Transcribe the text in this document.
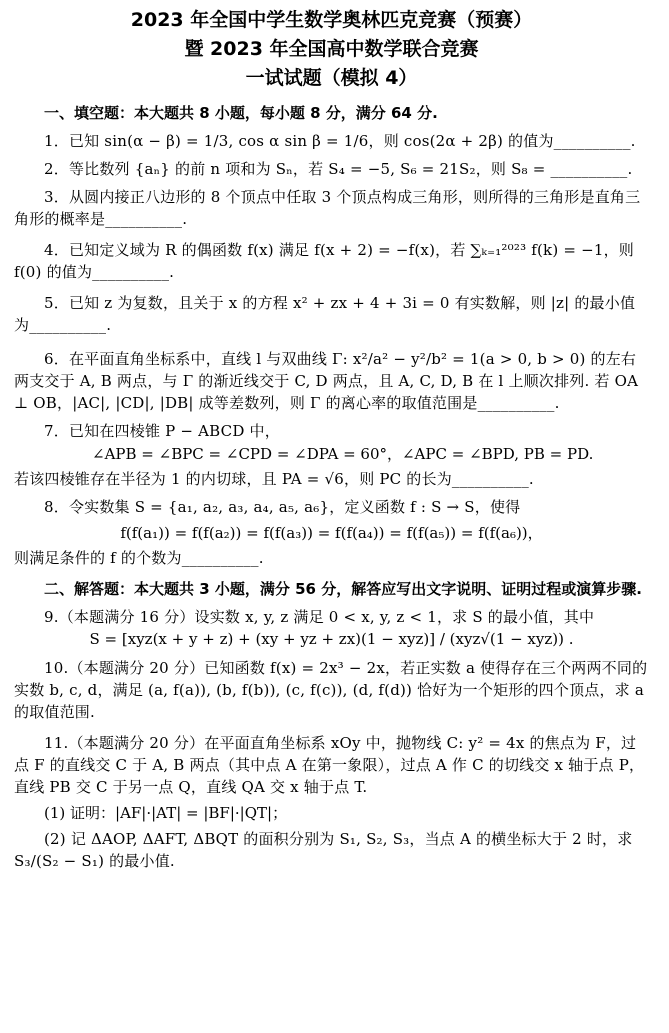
2023 年全国中学生数学奥林匹克竞赛（预赛）
暨 2023 年全国高中数学联合竞赛
一试试题（模拟 4）
一、填空题：本大题共 8 小题，每小题 8 分，满分 64 分.
1．已知 sin(α − β) = 1/3, cos α sin β = 1/6，则 cos(2α + 2β) 的值为__________.
2．等比数列 {aₙ} 的前 n 项和为 Sₙ，若 S₄ = −5, S₆ = 21S₂，则 S₈ = __________.
3．从圆内接正八边形的 8 个顶点中任取 3 个顶点构成三角形，则所得的三角形是直角三角形的概率是__________.
4．已知定义域为 R 的偶函数 f(x) 满足 f(x + 2) = −f(x)，若 ∑ₖ₌₁²⁰²³ f(k) = −1，则 f(0) 的值为__________.
5．已知 z 为复数，且关于 x 的方程 x² + zx + 4 + 3i = 0 有实数解，则 |z| 的最小值为__________.
6．在平面直角坐标系中，直线 l 与双曲线 Γ: x²/a² − y²/b² = 1(a > 0, b > 0) 的左右两支交于 A, B 两点，与 Γ 的渐近线交于 C, D 两点，且 A, C, D, B 在 l 上顺次排列. 若 OA ⊥ OB，|AC|, |CD|, |DB| 成等差数列，则 Γ 的离心率的取值范围是__________.
7．已知在四棱锥 P − ABCD 中，
∠APB = ∠BPC = ∠CPD = ∠DPA = 60°，∠APC = ∠BPD, PB = PD.
若该四棱锥存在半径为 1 的内切球，且 PA = √6，则 PC 的长为__________.
8．令实数集 S = {a₁, a₂, a₃, a₄, a₅, a₆}，定义函数 f : S → S，使得
f(f(a₁)) = f(f(a₂)) = f(f(a₃)) = f(f(a₄)) = f(f(a₅)) = f(f(a₆))，
则满足条件的 f 的个数为__________.
二、解答题：本大题共 3 小题，满分 56 分，解答应写出文字说明、证明过程或演算步骤.
9.（本题满分 16 分）设实数 x, y, z 满足 0 < x, y, z < 1，求 S 的最小值，其中
S = [xyz(x + y + z) + (xy + yz + zx)(1 − xyz)] / (xyz√(1 − xyz)) .
10.（本题满分 20 分）已知函数 f(x) = 2x³ − 2x，若正实数 a 使得存在三个两两不同的实数 b, c, d，满足 (a, f(a)), (b, f(b)), (c, f(c)), (d, f(d)) 恰好为一个矩形的四个顶点，求 a 的取值范围.
11.（本题满分 20 分）在平面直角坐标系 xOy 中，抛物线 C: y² = 4x 的焦点为 F，过点 F 的直线交 C 于 A, B 两点（其中点 A 在第一象限），过点 A 作 C 的切线交 x 轴于点 P，直线 PB 交 C 于另一点 Q，直线 QA 交 x 轴于点 T.
(1) 证明：|AF|·|AT| = |BF|·|QT|；
(2) 记 ΔAOP, ΔAFT, ΔBQT 的面积分别为 S₁, S₂, S₃，当点 A 的横坐标大于 2 时，求 S₃/(S₂ − S₁) 的最小值.
